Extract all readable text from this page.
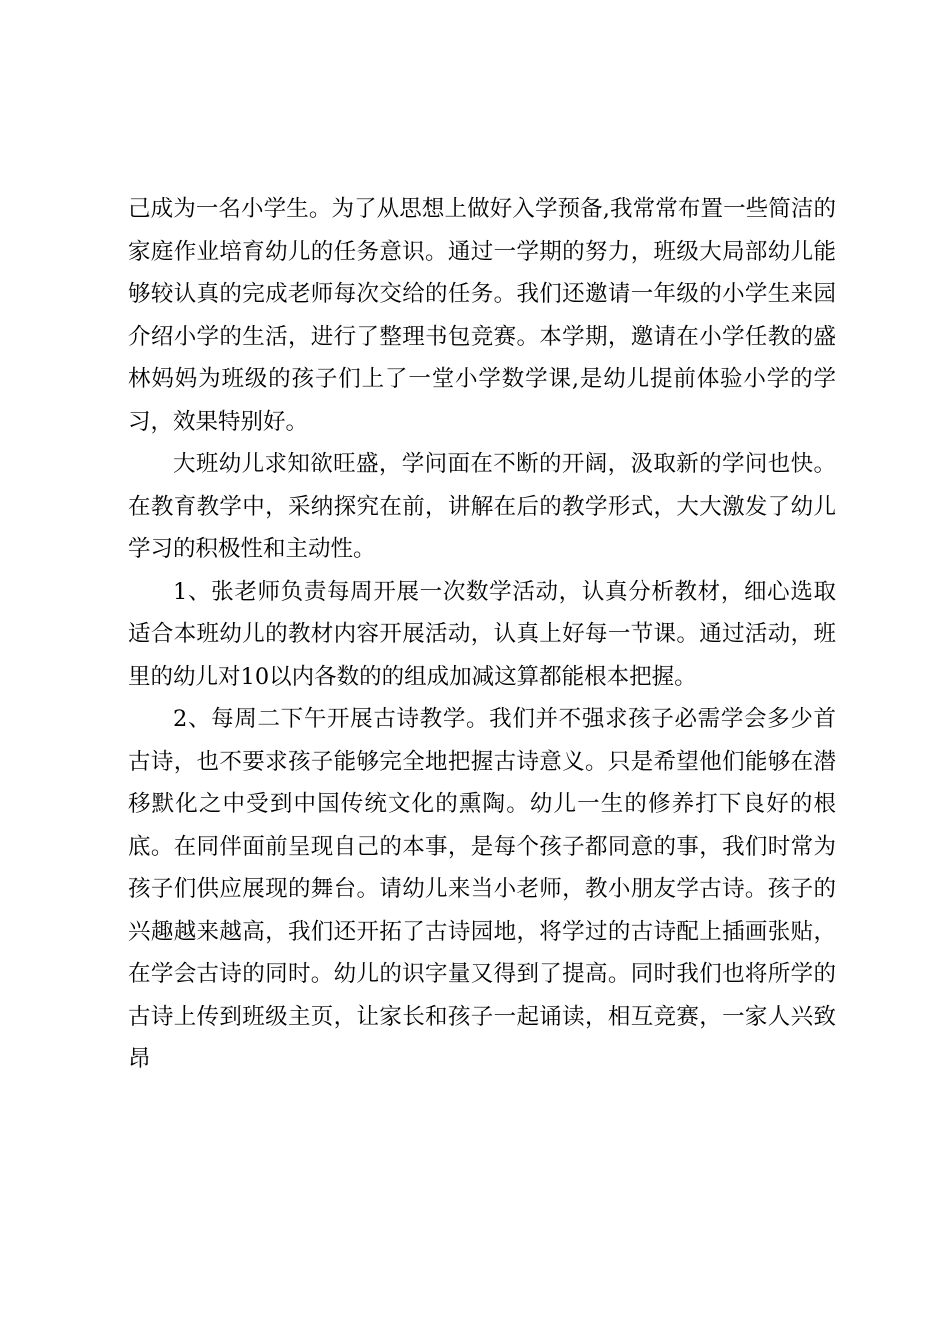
己成为一名小学生。为了从思想上做好入学预备,我常常布置一些简洁的家庭作业培育幼儿的任务意识。通过一学期的努力，班级大局部幼儿能够较认真的完成老师每次交给的任务。我们还邀请一年级的小学生来园介绍小学的生活，进行了整理书包竞赛。本学期，邀请在小学任教的盛林妈妈为班级的孩子们上了一堂小学数学课,是幼儿提前体验小学的学习，效果特别好。

大班幼儿求知欲旺盛，学问面在不断的开阔，汲取新的学问也快。在教育教学中，采纳探究在前，讲解在后的教学形式，大大激发了幼儿学习的积极性和主动性。

1、张老师负责每周开展一次数学活动，认真分析教材，细心选取适合本班幼儿的教材内容开展活动，认真上好每一节课。通过活动，班里的幼儿对10以内各数的的组成加减这算都能根本把握。

2、每周二下午开展古诗教学。我们并不强求孩子必需学会多少首古诗，也不要求孩子能够完全地把握古诗意义。只是希望他们能够在潜移默化之中受到中国传统文化的熏陶。幼儿一生的修养打下良好的根底。在同伴面前呈现自己的本事，是每个孩子都同意的事，我们时常为孩子们供应展现的舞台。请幼儿来当小老师，教小朋友学古诗。孩子的兴趣越来越高，我们还开拓了古诗园地，将学过的古诗配上插画张贴，在学会古诗的同时。幼儿的识字量又得到了提高。同时我们也将所学的古诗上传到班级主页，让家长和孩子一起诵读，相互竞赛，一家人兴致昂
